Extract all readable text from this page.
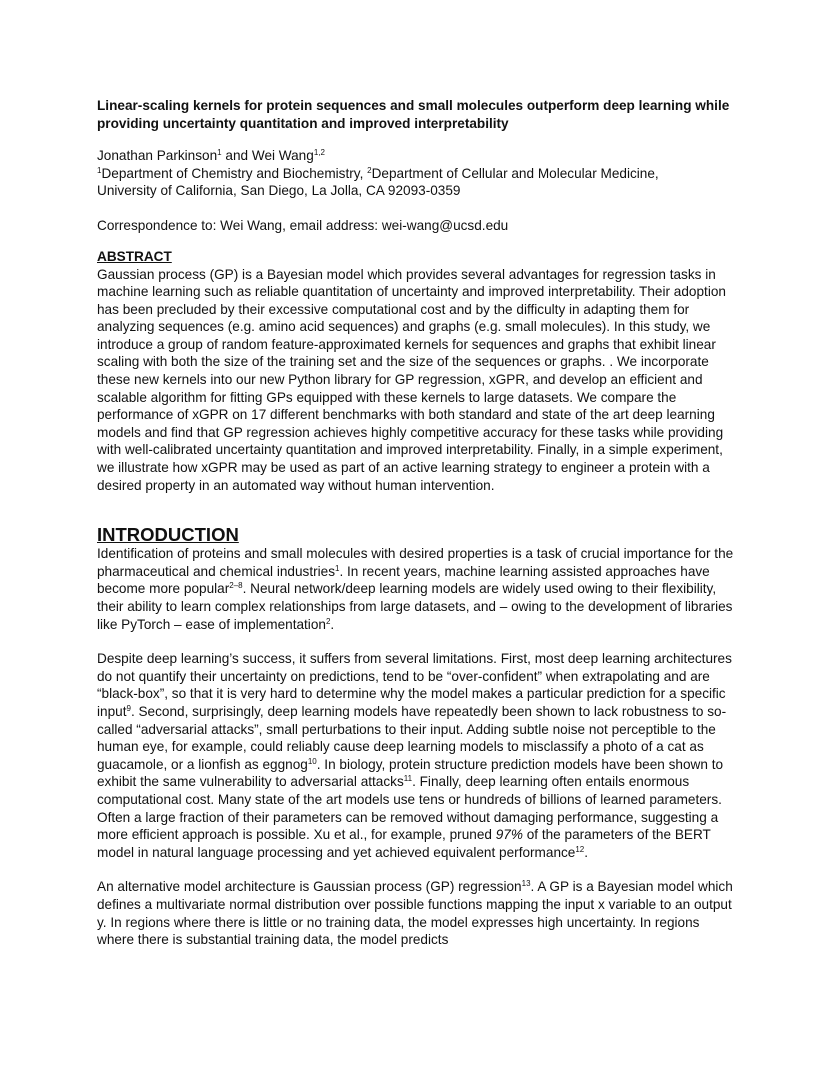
Linear-scaling kernels for protein sequences and small molecules outperform deep learning while providing uncertainty quantitation and improved interpretability

Jonathan Parkinson$^1$ and Wei Wang$^{1,2}$
$^1$Department of Chemistry and Biochemistry, $^2$Department of Cellular and Molecular Medicine,
University of California, San Diego, La Jolla, CA 92093-0359
Correspondence to: Wei Wang, email address: wei-wang@ucsd.edu
ABSTRACT

Gaussian process (GP) is a Bayesian model which provides several advantages for regression tasks in machine learning such as reliable quantitation of uncertainty and improved interpretability. Their adoption has been precluded by their excessive computational cost and by the difficulty in adapting them for analyzing sequences (e.g. amino acid sequences) and graphs (e.g. small molecules). In this study, we introduce a group of random feature-approximated kernels for sequences and graphs that exhibit linear scaling with both the size of the training set and the size of the sequences or graphs. . We incorporate these new kernels into our new Python library for GP regression, xGPR, and develop an efficient and scalable algorithm for fitting GPs equipped with these kernels to large datasets. We compare the performance of xGPR on 17 different benchmarks with both standard and state of the art deep learning models and find that GP regression achieves highly competitive accuracy for these tasks while providing with well-calibrated uncertainty quantitation and improved interpretability. Finally, in a simple experiment, we illustrate how xGPR may be used as part of an active learning strategy to engineer a protein with a desired property in an automated way without human intervention.

INTRODUCTION

Identification of proteins and small molecules with desired properties is a task of crucial importance for the pharmaceutical and chemical industries$^1$. In recent years, machine learning assisted approaches have become more popular$^{2-8}$. Neural network/deep learning models are widely used owing to their flexibility, their ability to learn complex relationships from large datasets, and – owing to the development of libraries like PyTorch – ease of implementation$^2$.

Despite deep learning’s success, it suffers from several limitations. First, most deep learning architectures do not quantify their uncertainty on predictions, tend to be “over-confident” when extrapolating and are “black-box”, so that it is very hard to determine why the model makes a particular prediction for a specific input$^9$. Second, surprisingly, deep learning models have repeatedly been shown to lack robustness to so-called “adversarial attacks”, small perturbations to their input. Adding subtle noise not perceptible to the human eye, for example, could reliably cause deep learning models to misclassify a photo of a cat as guacamole, or a lionfish as eggnog$^{10}$. In biology, protein structure prediction models have been shown to exhibit the same vulnerability to adversarial attacks$^{11}$. Finally, deep learning often entails enormous computational cost. Many state of the art models use tens or hundreds of billions of learned parameters. Often a large fraction of their parameters can be removed without damaging performance, suggesting a more efficient approach is possible. Xu et al., for example, pruned 97% of the parameters of the BERT model in natural language processing and yet achieved equivalent performance$^{12}$.

An alternative model architecture is Gaussian process (GP) regression$^{13}$. A GP is a Bayesian model which defines a multivariate normal distribution over possible functions mapping the input x variable to an output y. In regions where there is little or no training data, the model expresses high uncertainty. In regions where there is substantial training data, the model predicts
